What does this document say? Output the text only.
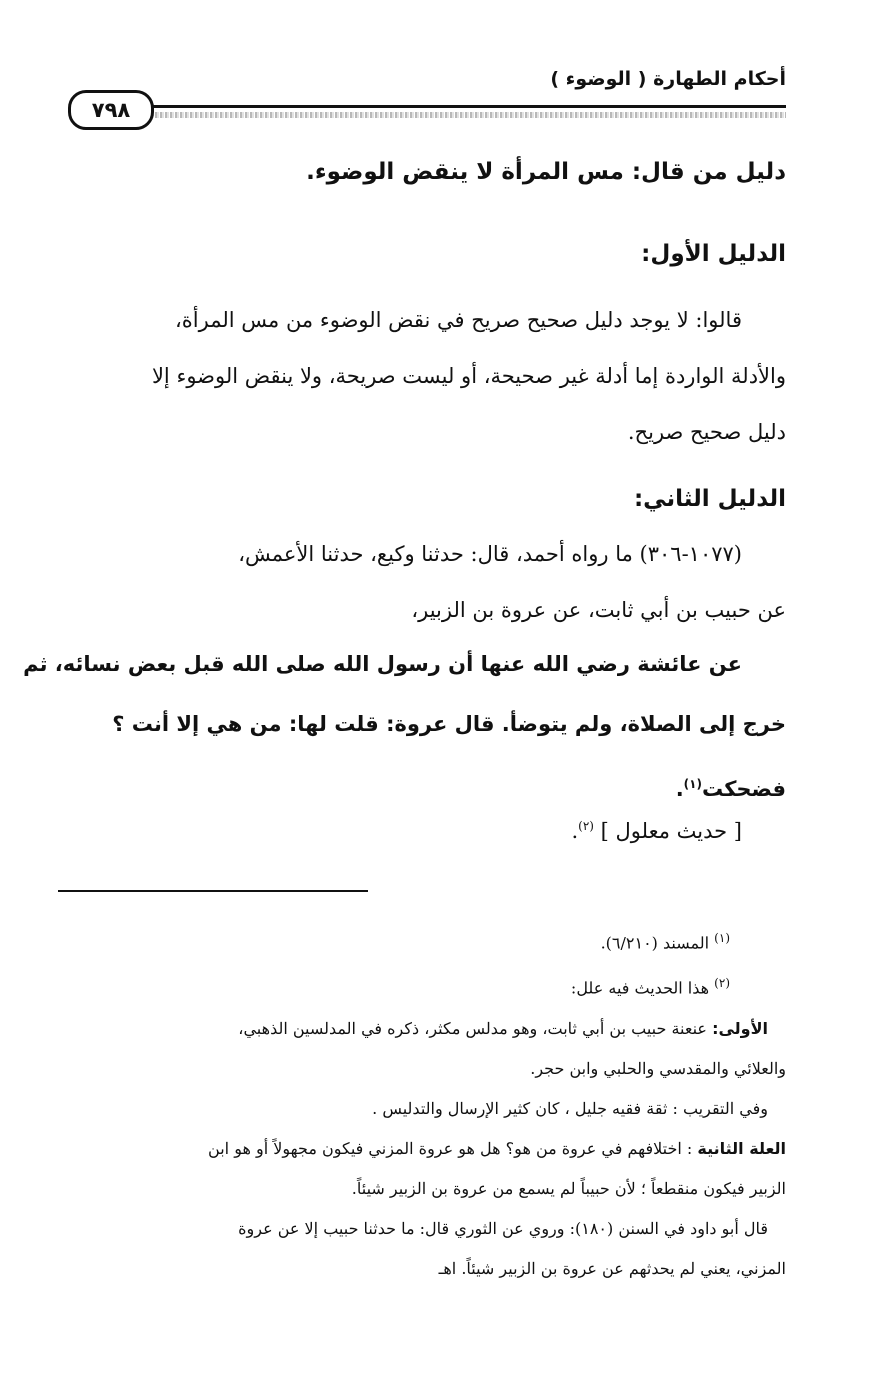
أحكام الطهارة ( الوضوء )
٧٩٨
دليل من قال: مس المرأة لا ينقض الوضوء.
الدليل الأول:
قالوا: لا يوجد دليل صحيح صريح في نقض الوضوء من مس المرأة،
والأدلة الواردة إما أدلة غير صحيحة، أو ليست صريحة، ولا ينقض الوضوء إلا
دليل صحيح صريح.
الدليل الثاني:
(١٠٧٧-٣٠٦) ما رواه أحمد، قال: حدثنا وكيع، حدثنا الأعمش،
عن حبيب بن أبي ثابت، عن عروة بن الزبير،
عن عائشة رضي الله عنها أن رسول الله صلى الله قبل بعض نسائه، ثم
خرج إلى الصلاة، ولم يتوضأ. قال عروة: قلت لها: من هي إلا أنت ؟
فضحكت$^{(١)}$.
[ حديث معلول ] $^{(٢)}$.
$^{(١)}$ المسند (٦/٢١٠).
$^{(٢)}$ هذا الحديث فيه علل:
الأولى: عنعنة حبيب بن أبي ثابت، وهو مدلس مكثر، ذكره في المدلسين الذهبي،
والعلائي والمقدسي والحلبي وابن حجر.
وفي التقريب : ثقة فقيه جليل ، كان كثير الإرسال والتدليس .
العلة الثانية : اختلافهم في عروة من هو؟ هل هو عروة المزني فيكون مجهولاً أو هو ابن
الزبير فيكون منقطعاً ؛ لأن حبيباً لم يسمع من عروة بن الزبير شيئاً.
قال أبو داود في السنن (١٨٠): وروي عن الثوري قال: ما حدثنا حبيب إلا عن عروة
المزني، يعني لم يحدثهم عن عروة بن الزبير شيئاً. اهـ
